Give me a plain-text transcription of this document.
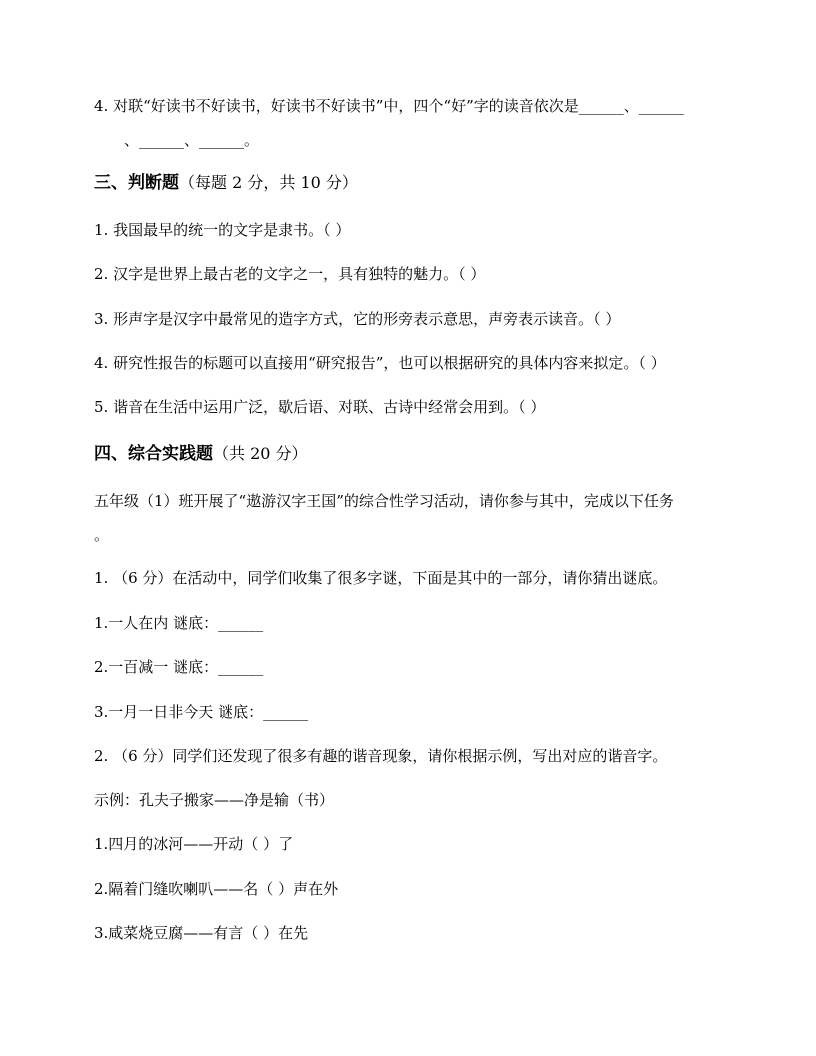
4. 对联“好读书不好读书，好读书不好读书”中，四个“好”字的读音依次是______、______
、______、______。
三、判断题（每题 2 分，共 10 分）
1. 我国最早的统一的文字是隶书。（ ）
2. 汉字是世界上最古老的文字之一，具有独特的魅力。（ ）
3. 形声字是汉字中最常见的造字方式，它的形旁表示意思，声旁表示读音。（ ）
4. 研究性报告的标题可以直接用“研究报告”，也可以根据研究的具体内容来拟定。（ ）
5. 谐音在生活中运用广泛，歇后语、对联、古诗中经常会用到。（ ）
四、综合实践题（共 20 分）
五年级（1）班开展了“遨游汉字王国”的综合性学习活动，请你参与其中，完成以下任务
。
1. （6 分）在活动中，同学们收集了很多字谜，下面是其中的一部分，请你猜出谜底。
1.一人在内 谜底：______
2.一百减一 谜底：______
3.一月一日非今天 谜底：______
2. （6 分）同学们还发现了很多有趣的谐音现象，请你根据示例，写出对应的谐音字。
示例：孔夫子搬家——净是输（书）
1.四月的冰河——开动（ ）了
2.隔着门缝吹喇叭——名（ ）声在外
3.咸菜烧豆腐——有言（ ）在先
